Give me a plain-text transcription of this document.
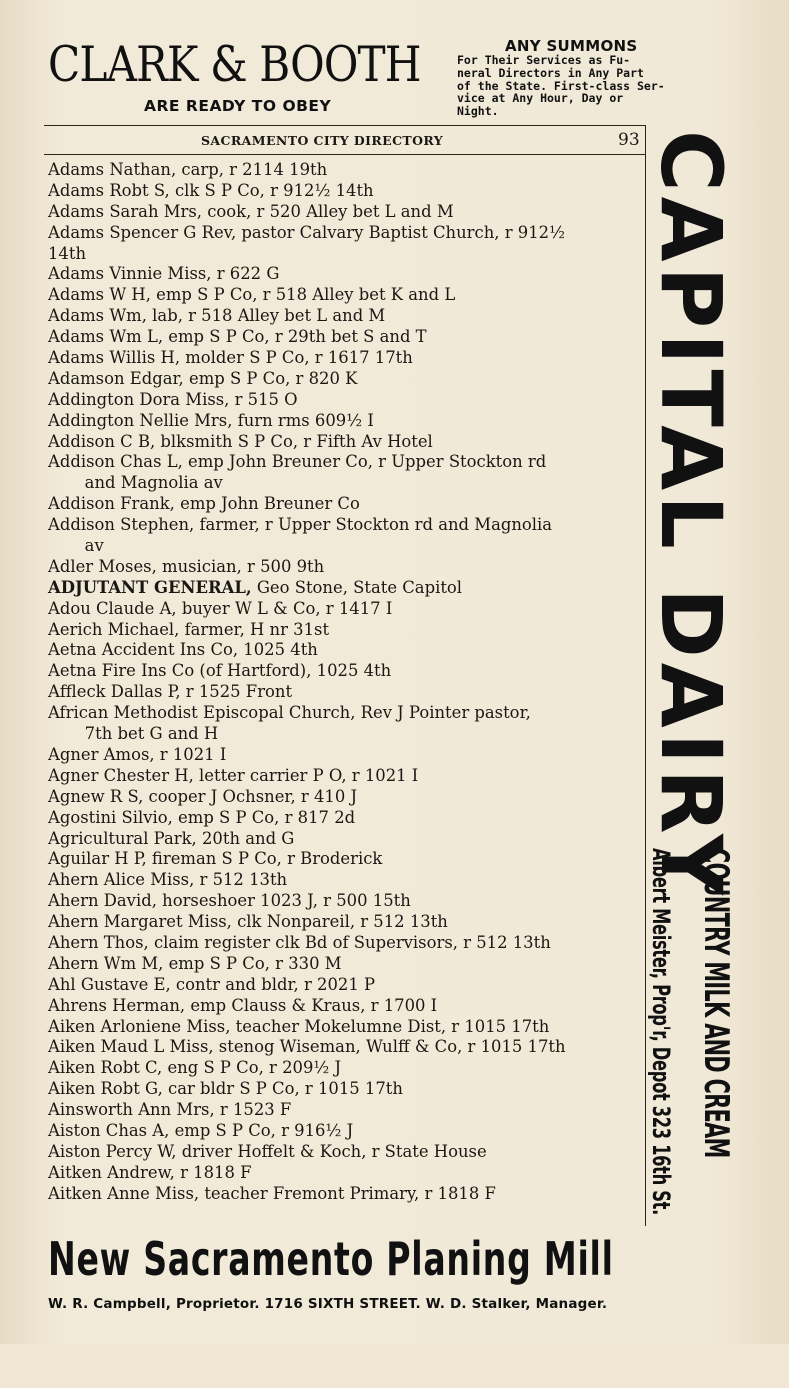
CLARK & BOOTH
ARE READY TO OBEY
ANY SUMMONS
For Their Services as Fu-
neral Directors in Any Part
of the State. First-class Ser-
vice at Any Hour, Day or
Night.
SACRAMENTO CITY DIRECTORY	93
Adams Nathan, carp, r 2114 19th
Adams Robt S, clk S P Co, r 912½ 14th
Adams Sarah Mrs, cook, r 520 Alley bet L and M
Adams Spencer G Rev, pastor Calvary Baptist Church, r 912½
14th
Adams Vinnie Miss, r 622 G
Adams W H, emp S P Co, r 518 Alley bet K and L
Adams Wm, lab, r 518 Alley bet L and M
Adams Wm L, emp S P Co, r 29th bet S and T
Adams Willis H, molder S P Co, r 1617 17th
Adamson Edgar, emp S P Co, r 820 K
Addington Dora Miss, r 515 O
Addington Nellie Mrs, furn rms 609½ I
Addison C B, blksmith S P Co, r Fifth Av Hotel
Addison Chas L, emp John Breuner Co, r Upper Stockton rd
and Magnolia av
Addison Frank, emp John Breuner Co
Addison Stephen, farmer, r Upper Stockton rd and Magnolia
av
Adler Moses, musician, r 500 9th
ADJUTANT GENERAL, Geo Stone, State Capitol
Adou Claude A, buyer W L & Co, r 1417 I
Aerich Michael, farmer, H nr 31st
Aetna Accident Ins Co, 1025 4th
Aetna Fire Ins Co (of Hartford), 1025 4th
Affleck Dallas P, r 1525 Front
African Methodist Episcopal Church, Rev J Pointer pastor,
7th bet G and H
Agner Amos, r 1021 I
Agner Chester H, letter carrier P O, r 1021 I
Agnew R S, cooper J Ochsner, r 410 J
Agostini Silvio, emp S P Co, r 817 2d
Agricultural Park, 20th and G
Aguilar H P, fireman S P Co, r Broderick
Ahern Alice Miss, r 512 13th
Ahern David, horseshoer 1023 J, r 500 15th
Ahern Margaret Miss, clk Nonpareil, r 512 13th
Ahern Thos, claim register clk Bd of Supervisors, r 512 13th
Ahern Wm M, emp S P Co, r 330 M
Ahl Gustave E, contr and bldr, r 2021 P
Ahrens Herman, emp Clauss & Kraus, r 1700 I
Aiken Arloniene Miss, teacher Mokelumne Dist, r 1015 17th
Aiken Maud L Miss, stenog Wiseman, Wulff & Co, r 1015 17th
Aiken Robt C, eng S P Co, r 209½ J
Aiken Robt G, car bldr S P Co, r 1015 17th
Ainsworth Ann Mrs, r 1523 F
Aiston Chas A, emp S P Co, r 916½ J
Aiston Percy W, driver Hoffelt & Koch, r State House
Aitken Andrew, r 1818 F
Aitken Anne Miss, teacher Fremont Primary, r 1818 F
CAPITAL DAIRY
COUNTRY MILK AND CREAM
Albert Meister, Prop'r, Depot 323 16th St.
New Sacramento Planing Mill
W. R. Campbell, Proprietor. 1716 SIXTH STREET. W. D. Stalker, Manager.
